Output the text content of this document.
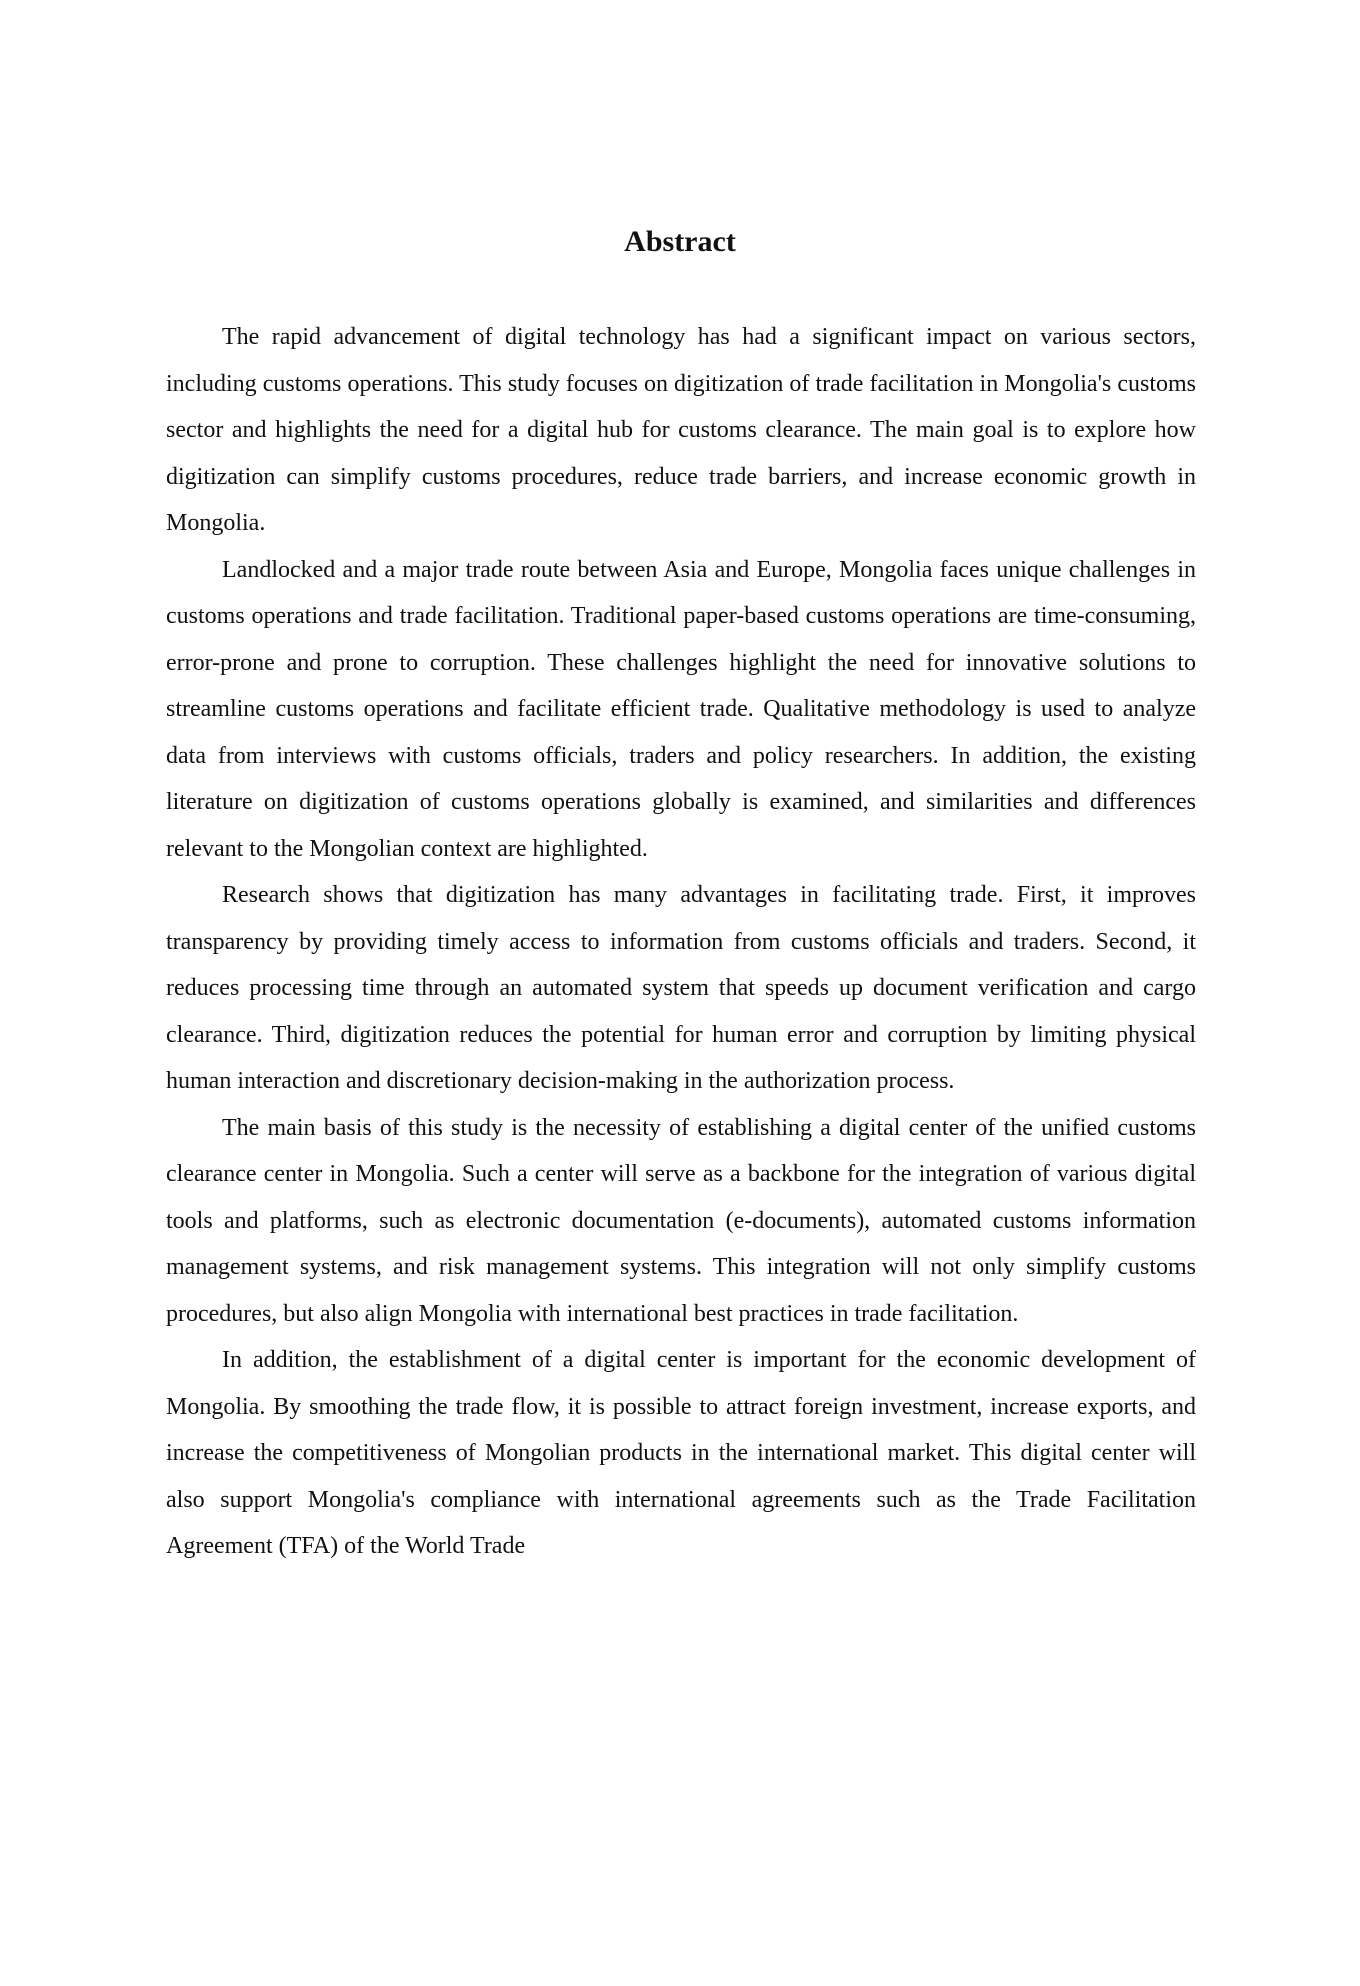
Abstract

The rapid advancement of digital technology has had a significant impact on various sectors, including customs operations. This study focuses on digitization of trade facilitation in Mongolia's customs sector and highlights the need for a digital hub for customs clearance. The main goal is to explore how digitization can simplify customs procedures, reduce trade barriers, and increase economic growth in Mongolia.

Landlocked and a major trade route between Asia and Europe, Mongolia faces unique challenges in customs operations and trade facilitation. Traditional paper-based customs operations are time-consuming, error-prone and prone to corruption. These challenges highlight the need for innovative solutions to streamline customs operations and facilitate efficient trade. Qualitative methodology is used to analyze data from interviews with customs officials, traders and policy researchers. In addition, the existing literature on digitization of customs operations globally is examined, and similarities and differences relevant to the Mongolian context are highlighted.

Research shows that digitization has many advantages in facilitating trade. First, it improves transparency by providing timely access to information from customs officials and traders. Second, it reduces processing time through an automated system that speeds up document verification and cargo clearance. Third, digitization reduces the potential for human error and corruption by limiting physical human interaction and discretionary decision-making in the authorization process.

The main basis of this study is the necessity of establishing a digital center of the unified customs clearance center in Mongolia. Such a center will serve as a backbone for the integration of various digital tools and platforms, such as electronic documentation (e-documents), automated customs information management systems, and risk management systems. This integration will not only simplify customs procedures, but also align Mongolia with international best practices in trade facilitation.

In addition, the establishment of a digital center is important for the economic development of Mongolia. By smoothing the trade flow, it is possible to attract foreign investment, increase exports, and increase the competitiveness of Mongolian products in the international market. This digital center will also support Mongolia's compliance with international agreements such as the Trade Facilitation Agreement (TFA) of the World Trade
